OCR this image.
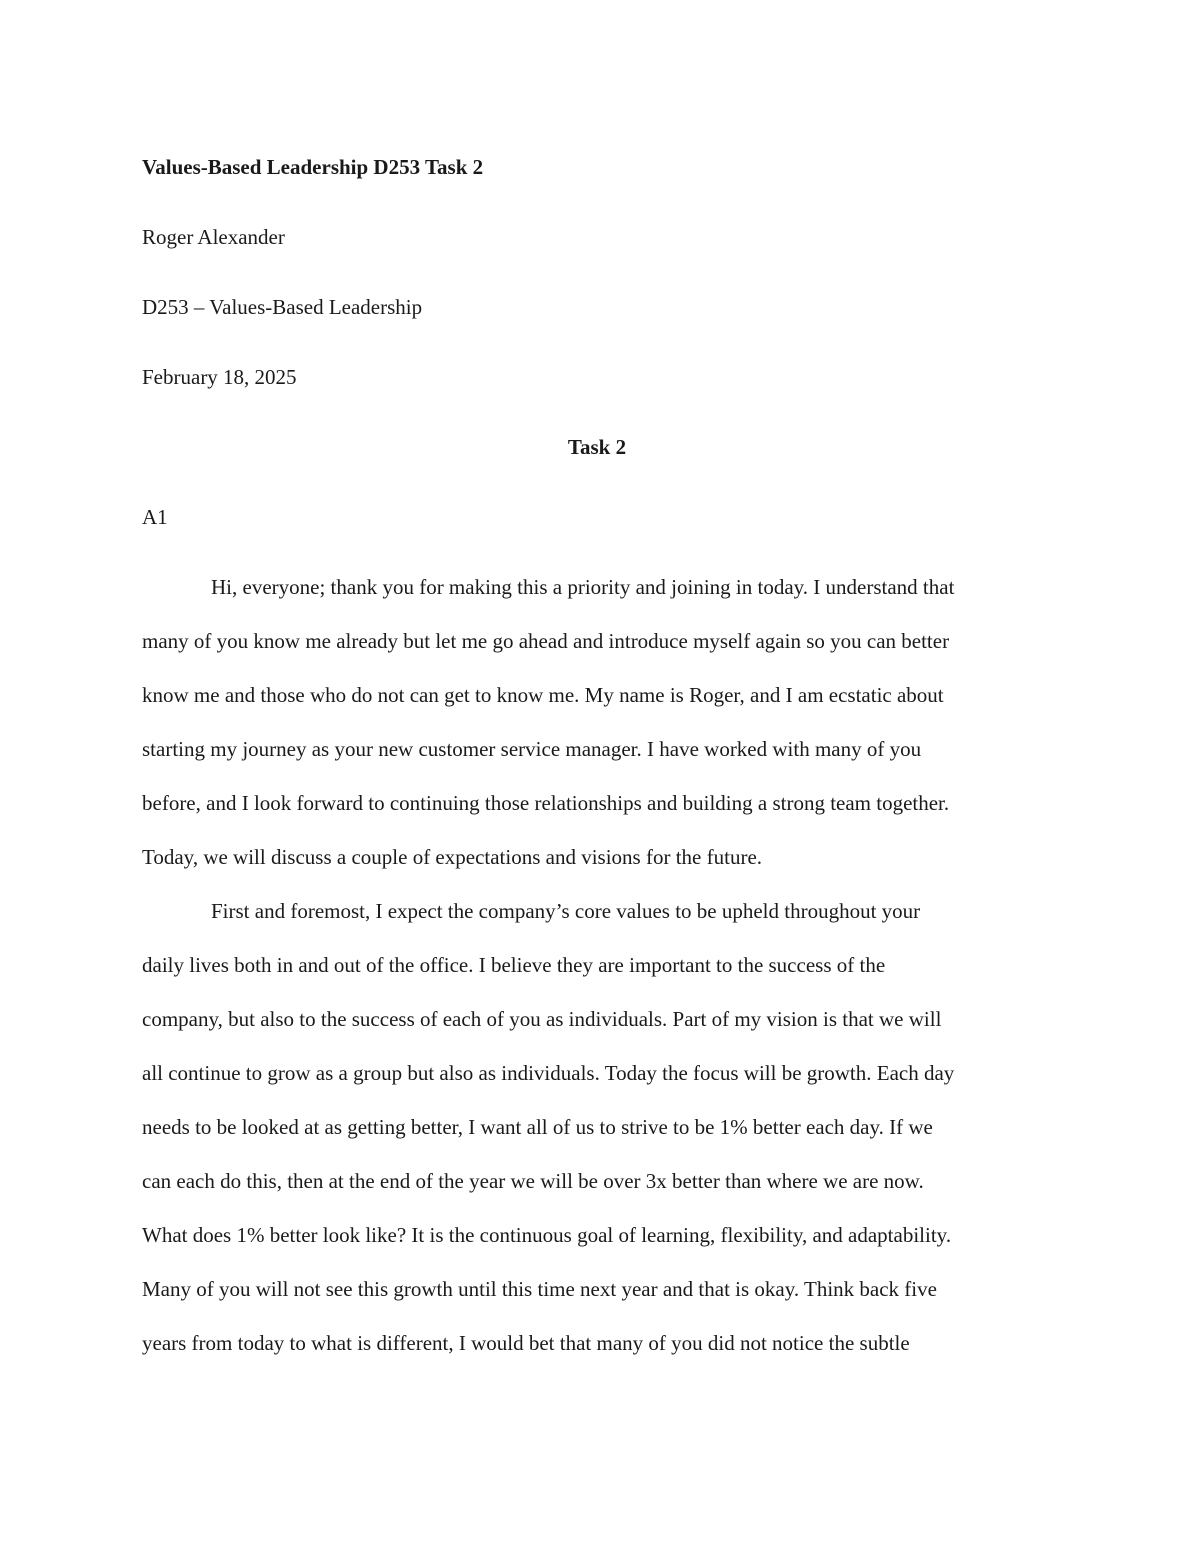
Values-Based Leadership D253 Task 2
Roger Alexander
D253 – Values-Based Leadership
February 18, 2025
Task 2
A1

Hi, everyone; thank you for making this a priority and joining in today. I understand that
many of you know me already but let me go ahead and introduce myself again so you can better
know me and those who do not can get to know me. My name is Roger, and I am ecstatic about
starting my journey as your new customer service manager. I have worked with many of you
before, and I look forward to continuing those relationships and building a strong team together.
Today, we will discuss a couple of expectations and visions for the future.

First and foremost, I expect the company’s core values to be upheld throughout your
daily lives both in and out of the office. I believe they are important to the success of the
company, but also to the success of each of you as individuals. Part of my vision is that we will
all continue to grow as a group but also as individuals. Today the focus will be growth. Each day
needs to be looked at as getting better, I want all of us to strive to be 1% better each day. If we
can each do this, then at the end of the year we will be over 3x better than where we are now.
What does 1% better look like? It is the continuous goal of learning, flexibility, and adaptability.
Many of you will not see this growth until this time next year and that is okay. Think back five
years from today to what is different, I would bet that many of you did not notice the subtle
